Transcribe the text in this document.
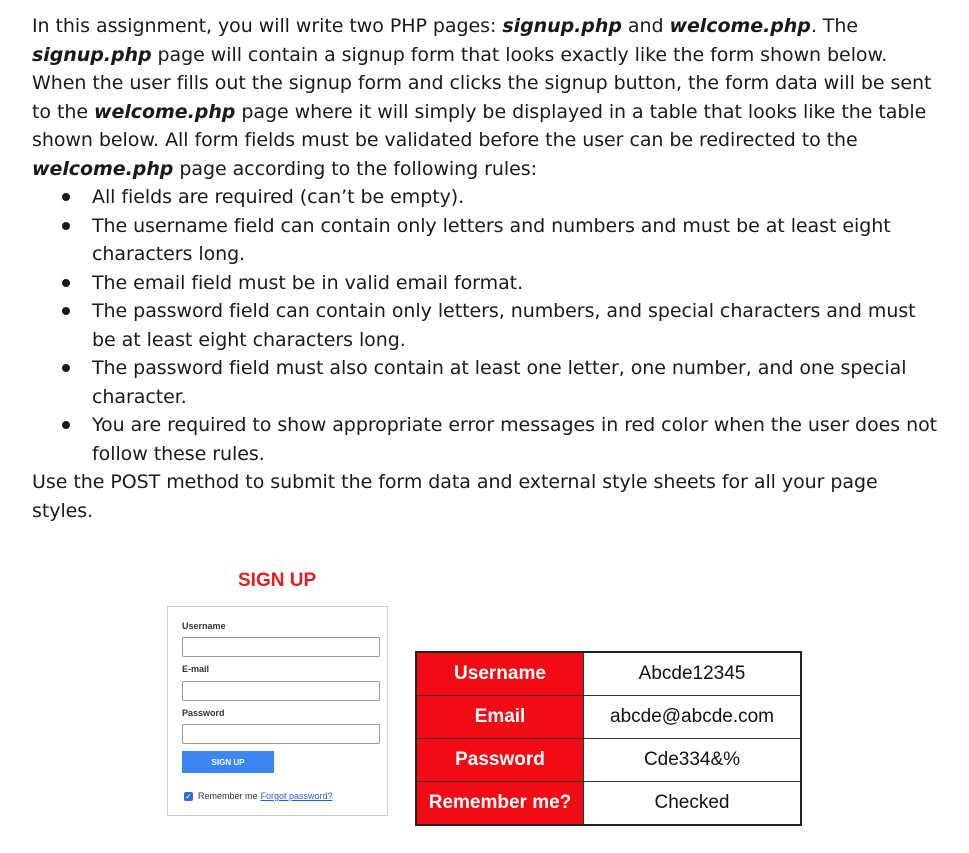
In this assignment, you will write two PHP pages: signup.php and welcome.php. The signup.php page will contain a signup form that looks exactly like the form shown below. When the user fills out the signup form and clicks the signup button, the form data will be sent to the welcome.php page where it will simply be displayed in a table that looks like the table shown below. All form fields must be validated before the user can be redirected to the welcome.php page according to the following rules:

All fields are required (can’t be empty).
The username field can contain only letters and numbers and must be at least eight characters long.
The email field must be in valid email format.
The password field can contain only letters, numbers, and special characters and must be at least eight characters long.
The password field must also contain at least one letter, one number, and one special character.
You are required to show appropriate error messages in red color when the user does not follow these rules.

Use the POST method to submit the form data and external style sheets for all your page styles.

SIGN UP
Username
E-mail
Password
SIGN UP
✓ Remember me Forgot password?
Username	Abcde12345
Email	abcde@abcde.com
Password	Cde334&%
Remember me?	Checked
